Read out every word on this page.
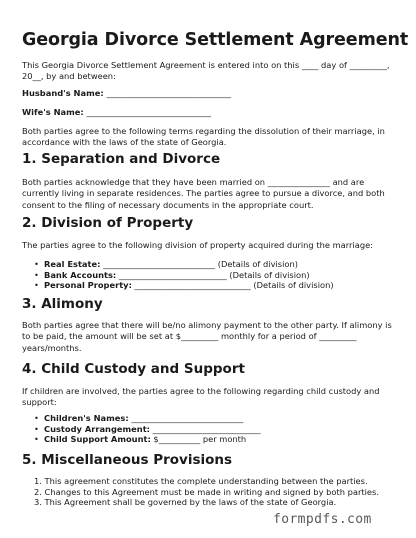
Georgia Divorce Settlement Agreement

This Georgia Divorce Settlement Agreement is entered into on this ____ day of _________, 20__, by and between:

Husband's Name: ______________________________

Wife's Name: ______________________________

Both parties agree to the following terms regarding the dissolution of their marriage, in accordance with the laws of the state of Georgia.

1. Separation and Divorce

Both parties acknowledge that they have been married on _______________ and are currently living in separate residences. The parties agree to pursue a divorce, and both consent to the filing of necessary documents in the appropriate court.

2. Division of Property

The parties agree to the following division of property acquired during the marriage:

• Real Estate: ___________________________ (Details of division)
• Bank Accounts: __________________________ (Details of division)
• Personal Property: ____________________________ (Details of division)
3. Alimony

Both parties agree that there will be/no alimony payment to the other party. If alimony is to be paid, the amount will be set at $_________ monthly for a period of _________ years/months.

4. Child Custody and Support

If children are involved, the parties agree to the following regarding child custody and support:

• Children's Names: ___________________________
• Custody Arrangement: __________________________
• Child Support Amount: $__________ per month
5. Miscellaneous Provisions
1. This agreement constitutes the complete understanding between the parties.
2. Changes to this Agreement must be made in writing and signed by both parties.
3. This Agreement shall be governed by the laws of the state of Georgia.
formpdfs.com
